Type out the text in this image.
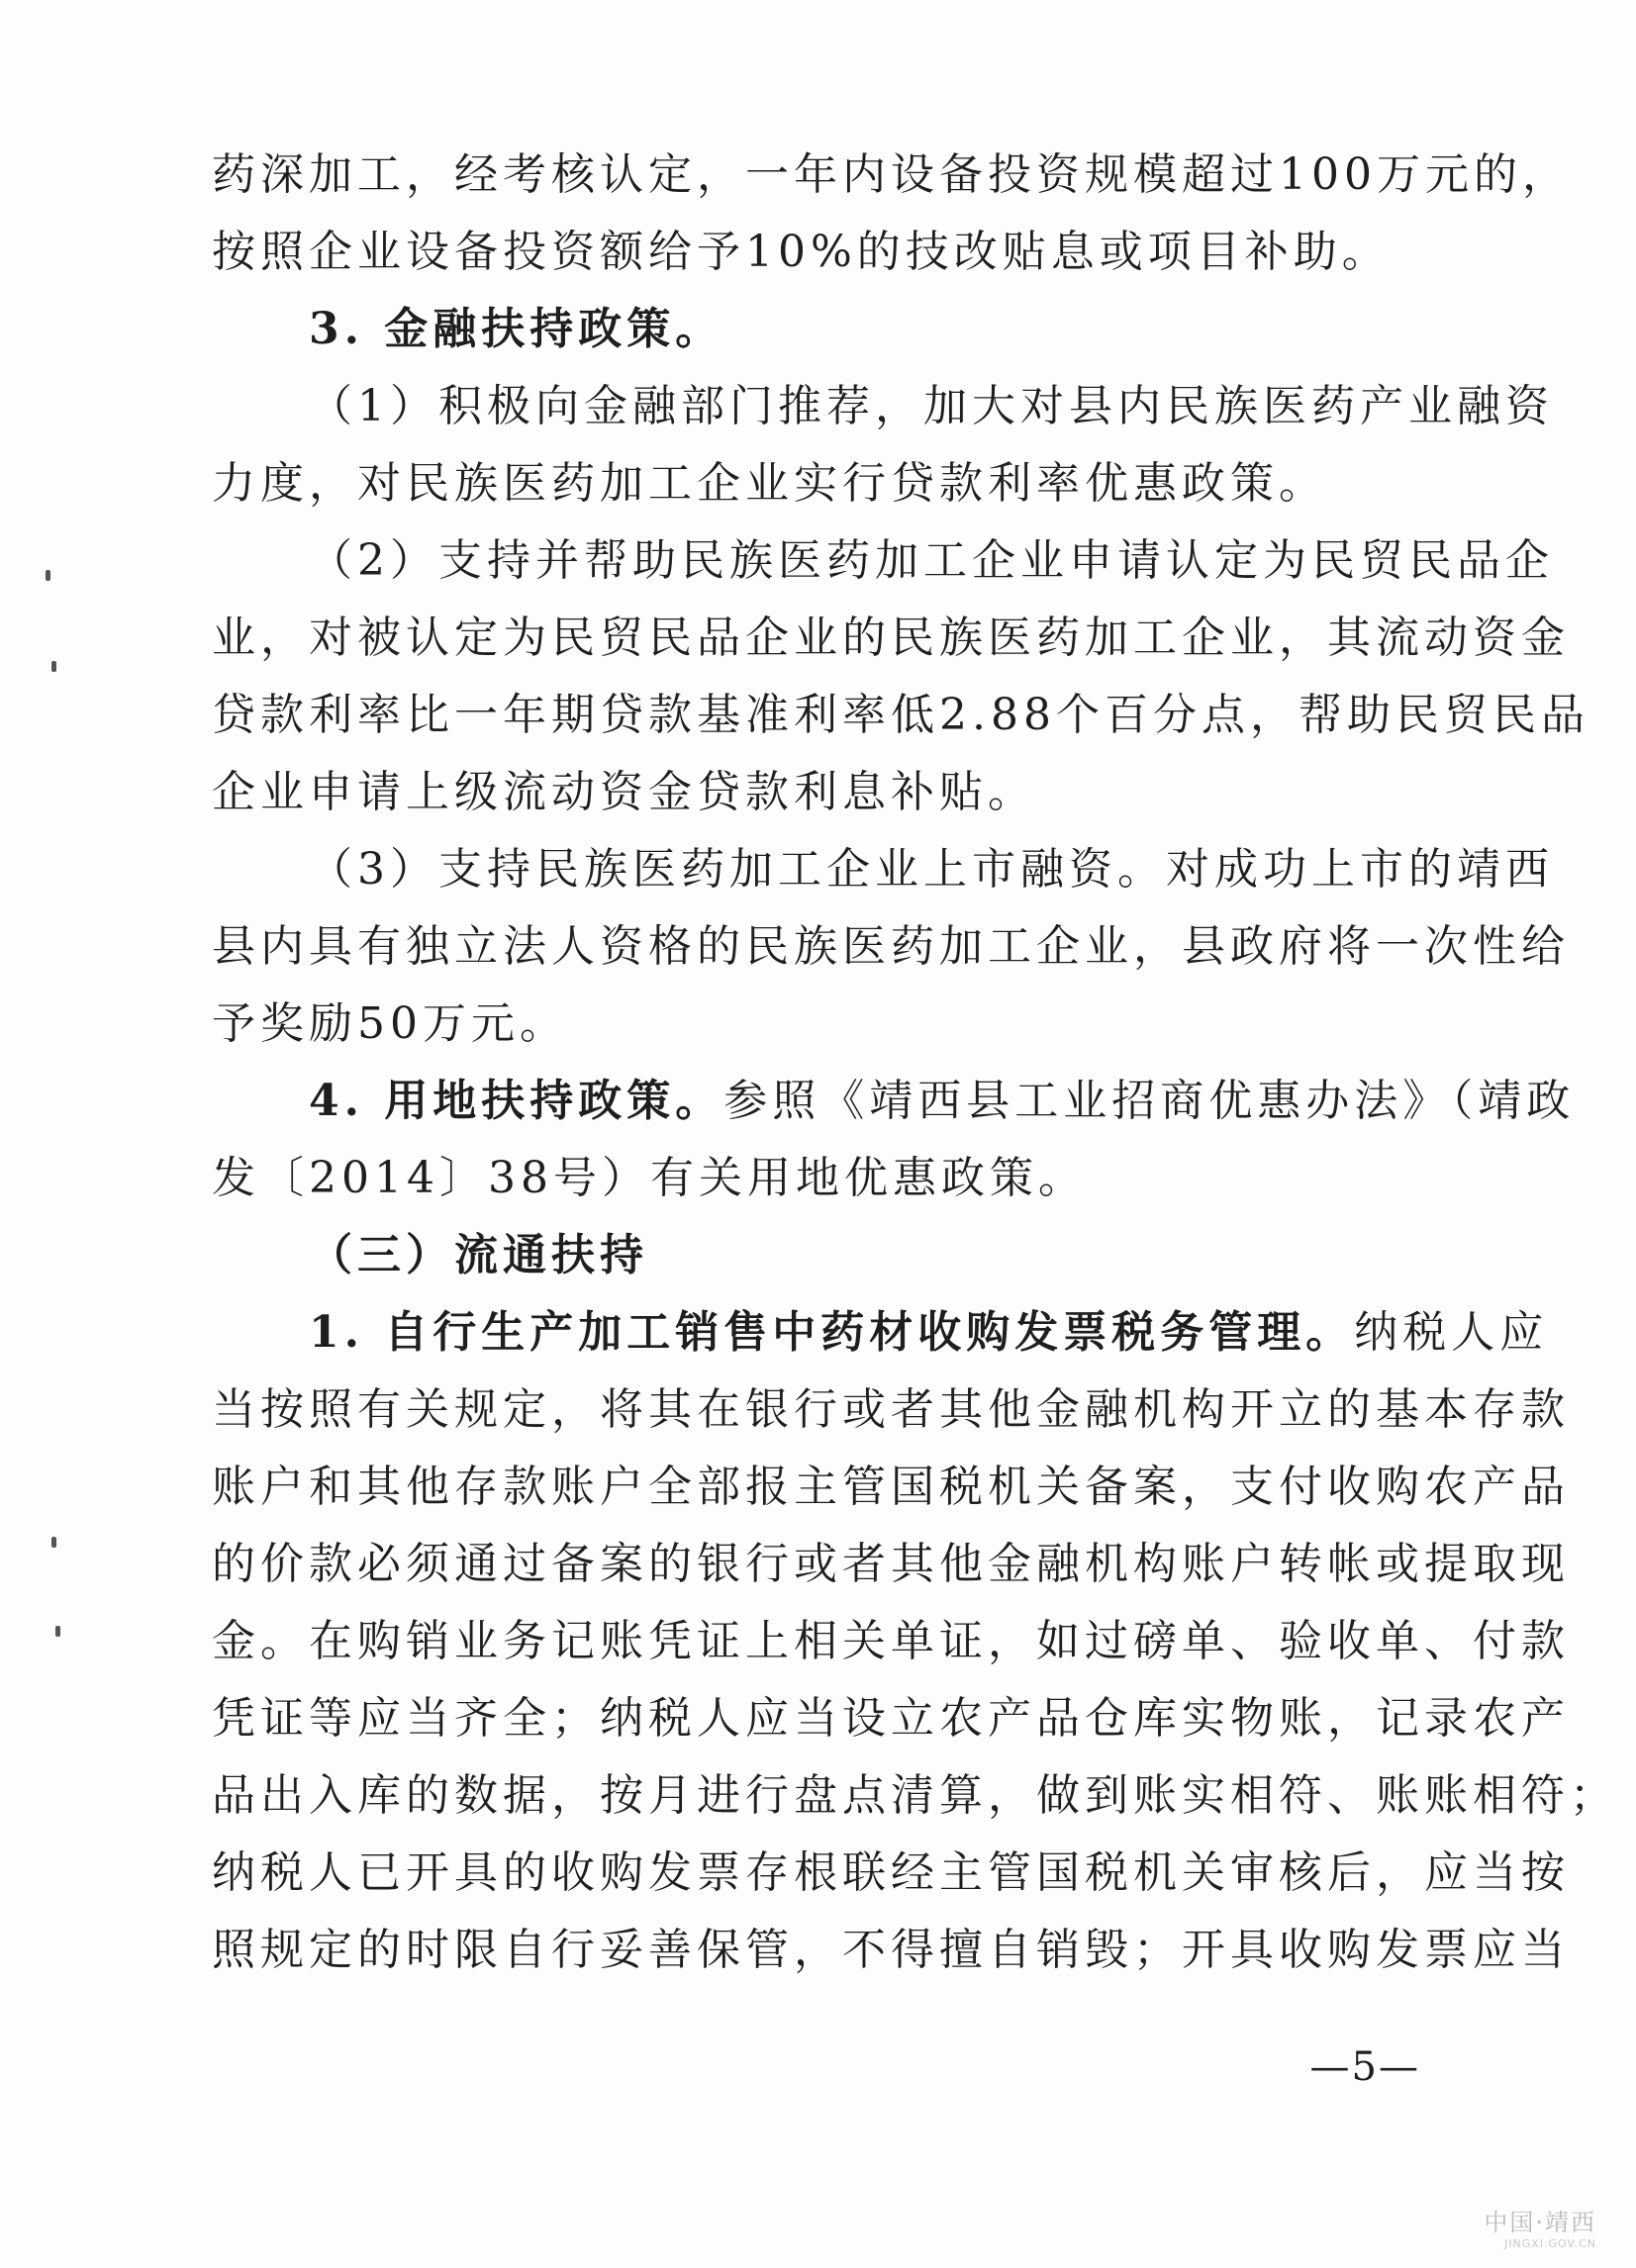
药深加工，经考核认定，一年内设备投资规模超过100万元的，
按照企业设备投资额给予10%的技改贴息或项目补助。
3. 金融扶持政策。
（1）积极向金融部门推荐，加大对县内民族医药产业融资
力度，对民族医药加工企业实行贷款利率优惠政策。
（2）支持并帮助民族医药加工企业申请认定为民贸民品企
业，对被认定为民贸民品企业的民族医药加工企业，其流动资金
贷款利率比一年期贷款基准利率低2.88个百分点，帮助民贸民品
企业申请上级流动资金贷款利息补贴。
（3）支持民族医药加工企业上市融资。对成功上市的靖西
县内具有独立法人资格的民族医药加工企业，县政府将一次性给
予奖励50万元。
4. 用地扶持政策。参照《靖西县工业招商优惠办法》（靖政
发〔2014〕38号）有关用地优惠政策。
（三）流通扶持
1. 自行生产加工销售中药材收购发票税务管理。纳税人应
当按照有关规定，将其在银行或者其他金融机构开立的基本存款
账户和其他存款账户全部报主管国税机关备案，支付收购农产品
的价款必须通过备案的银行或者其他金融机构账户转帐或提取现
金。在购销业务记账凭证上相关单证，如过磅单、验收单、付款
凭证等应当齐全；纳税人应当设立农产品仓库实物账，记录农产
品出入库的数据，按月进行盘点清算，做到账实相符、账账相符；
纳税人已开具的收购发票存根联经主管国税机关审核后，应当按
照规定的时限自行妥善保管，不得擅自销毁；开具收购发票应当
—5—
中国·靖西
JINGXI.GOV.CN
